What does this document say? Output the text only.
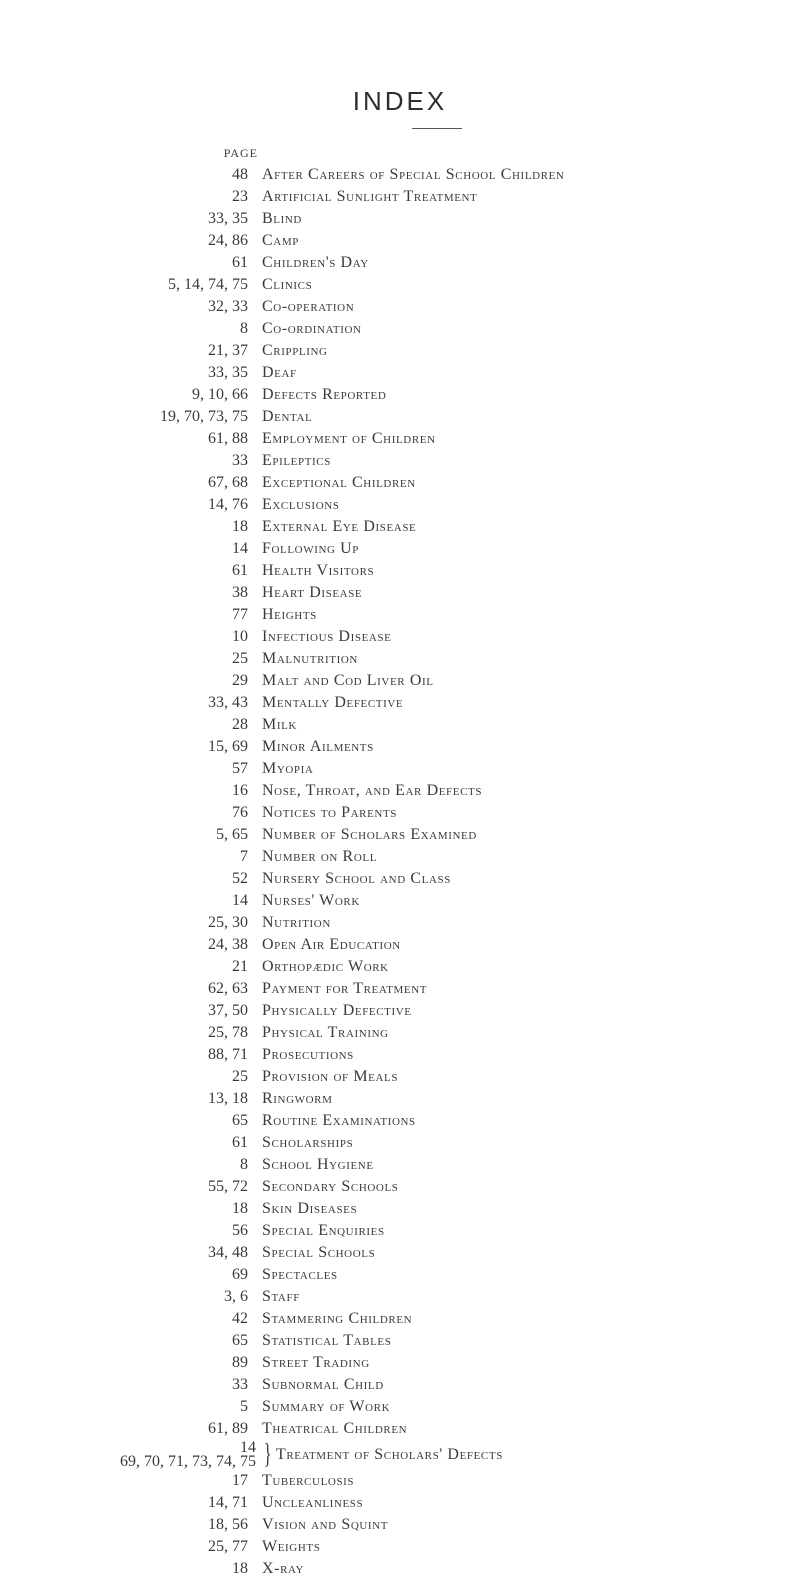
INDEX
PAGE
48 After Careers of Special School Children
23 Artificial Sunlight Treatment
33, 35 Blind
24, 86 Camp
61 Children's Day
5, 14, 74, 75 Clinics
32, 33 Co-operation
8 Co-ordination
21, 37 Crippling
33, 35 Deaf
9, 10, 66 Defects Reported
19, 70, 73, 75 Dental
61, 88 Employment of Children
33 Epileptics
67, 68 Exceptional Children
14, 76 Exclusions
18 External Eye Disease
14 Following Up
61 Health Visitors
38 Heart Disease
77 Heights
10 Infectious Disease
25 Malnutrition
29 Malt and Cod Liver Oil
33, 43 Mentally Defective
28 Milk
15, 69 Minor Ailments
57 Myopia
16 Nose, Throat, and Ear Defects
76 Notices to Parents
5, 65 Number of Scholars Examined
7 Number on Roll
52 Nursery School and Class
14 Nurses' Work
25, 30 Nutrition
24, 38 Open Air Education
21 Orthopædic Work
62, 63 Payment for Treatment
37, 50 Physically Defective
25, 78 Physical Training
88, 71 Prosecutions
25 Provision of Meals
13, 18 Ringworm
65 Routine Examinations
61 Scholarships
8 School Hygiene
55, 72 Secondary Schools
18 Skin Diseases
56 Special Enquiries
34, 48 Special Schools
69 Spectacles
3, 6 Staff
42 Stammering Children
65 Statistical Tables
89 Street Trading
33 Subnormal Child
5 Summary of Work
61, 89 Theatrical Children
14
69, 70, 71, 73, 74, 75 } Treatment of Scholars' Defects
17 Tuberculosis
14, 71 Uncleanliness
18, 56 Vision and Squint
25, 77 Weights
18 X-ray
